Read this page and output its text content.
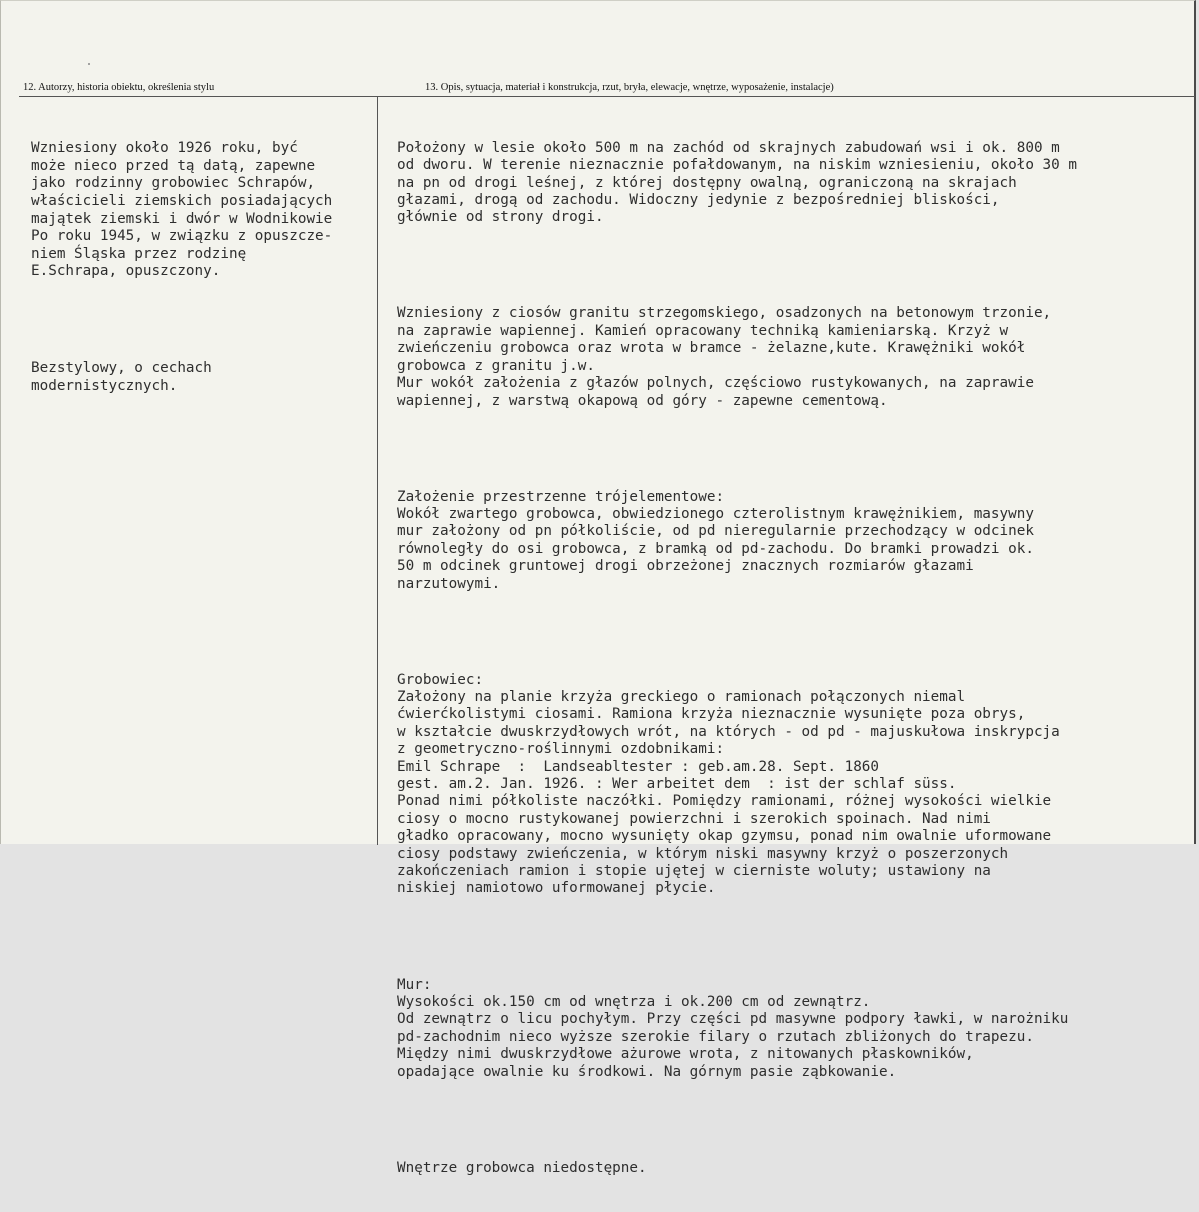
12. Autorzy, historia obiektu, określenia stylu	13. Opis, sytuacja, materiał i konstrukcja, rzut, bryła, elewacje, wnętrze, wyposażenie, instalacje)

Wzniesiony około 1926 roku, być
może nieco przed tą datą, zapewne
jako rodzinny grobowiec Schrapów,
właścicieli ziemskich posiadających
majątek ziemski i dwór w Wodnikowie
Po roku 1945, w związku z opuszcze-
niem Śląska przez rodzinę
E.Schrapa, opuszczony.

Bezstylowy, o cechach
modernistycznych.

Położony w lesie około 500 m na zachód od skrajnych zabudowań wsi i ok. 800 m
od dworu. W terenie nieznacznie pofałdowanym, na niskim wzniesieniu, około 30 m
na pn od drogi leśnej, z której dostępny owalną, ograniczoną na skrajach
głazami, drogą od zachodu. Widoczny jedynie z bezpośredniej bliskości,
głównie od strony drogi.

Wzniesiony z ciosów granitu strzegomskiego, osadzonych na betonowym trzonie,
na zaprawie wapiennej. Kamień opracowany techniką kamieniarską. Krzyż w
zwieńczeniu grobowca oraz wrota w bramce - żelazne,kute. Krawężniki wokół
grobowca z granitu j.w.
Mur wokół założenia z głazów polnych, częściowo rustykowanych, na zaprawie
wapiennej, z warstwą okapową od góry - zapewne cementową.

Założenie przestrzenne trójelementowe:
Wokół zwartego grobowca, obwiedzionego czterolistnym krawężnikiem, masywny
mur założony od pn półkoliście, od pd nieregularnie przechodzący w odcinek
równoległy do osi grobowca, z bramką od pd-zachodu. Do bramki prowadzi ok.
50 m odcinek gruntowej drogi obrzeżonej znacznych rozmiarów głazami
narzutowymi.

Grobowiec:
Założony na planie krzyża greckiego o ramionach połączonych niemal
ćwierćkolistymi ciosami. Ramiona krzyża nieznacznie wysunięte poza obrys,
w kształcie dwuskrzydłowych wrót, na których - od pd - majuskułowa inskrypcja
z geometryczno-roślinnymi ozdobnikami:
Emil Schrape  :  Landseabltester : geb.am.28. Sept. 1860
gest. am.2. Jan. 1926. : Wer arbeitet dem  : ist der schlaf süss.
Ponad nimi półkoliste naczółki. Pomiędzy ramionami, różnej wysokości wielkie
ciosy o mocno rustykowanej powierzchni i szerokich spoinach. Nad nimi
gładko opracowany, mocno wysunięty okap gzymsu, ponad nim owalnie uformowane
ciosy podstawy zwieńczenia, w którym niski masywny krzyż o poszerzonych
zakończeniach ramion i stopie ujętej w cierniste woluty; ustawiony na
niskiej namiotowo uformowanej płycie.

Mur:
Wysokości ok.150 cm od wnętrza i ok.200 cm od zewnątrz.
Od zewnątrz o licu pochyłym. Przy części pd masywne podpory ławki, w narożniku
pd-zachodnim nieco wyższe szerokie filary o rzutach zbliżonych do trapezu.
Między nimi dwuskrzydłowe ażurowe wrota, z nitowanych płaskowników,
opadające owalnie ku środkowi. Na górnym pasie ząbkowanie.

Wnętrze grobowca niedostępne.
